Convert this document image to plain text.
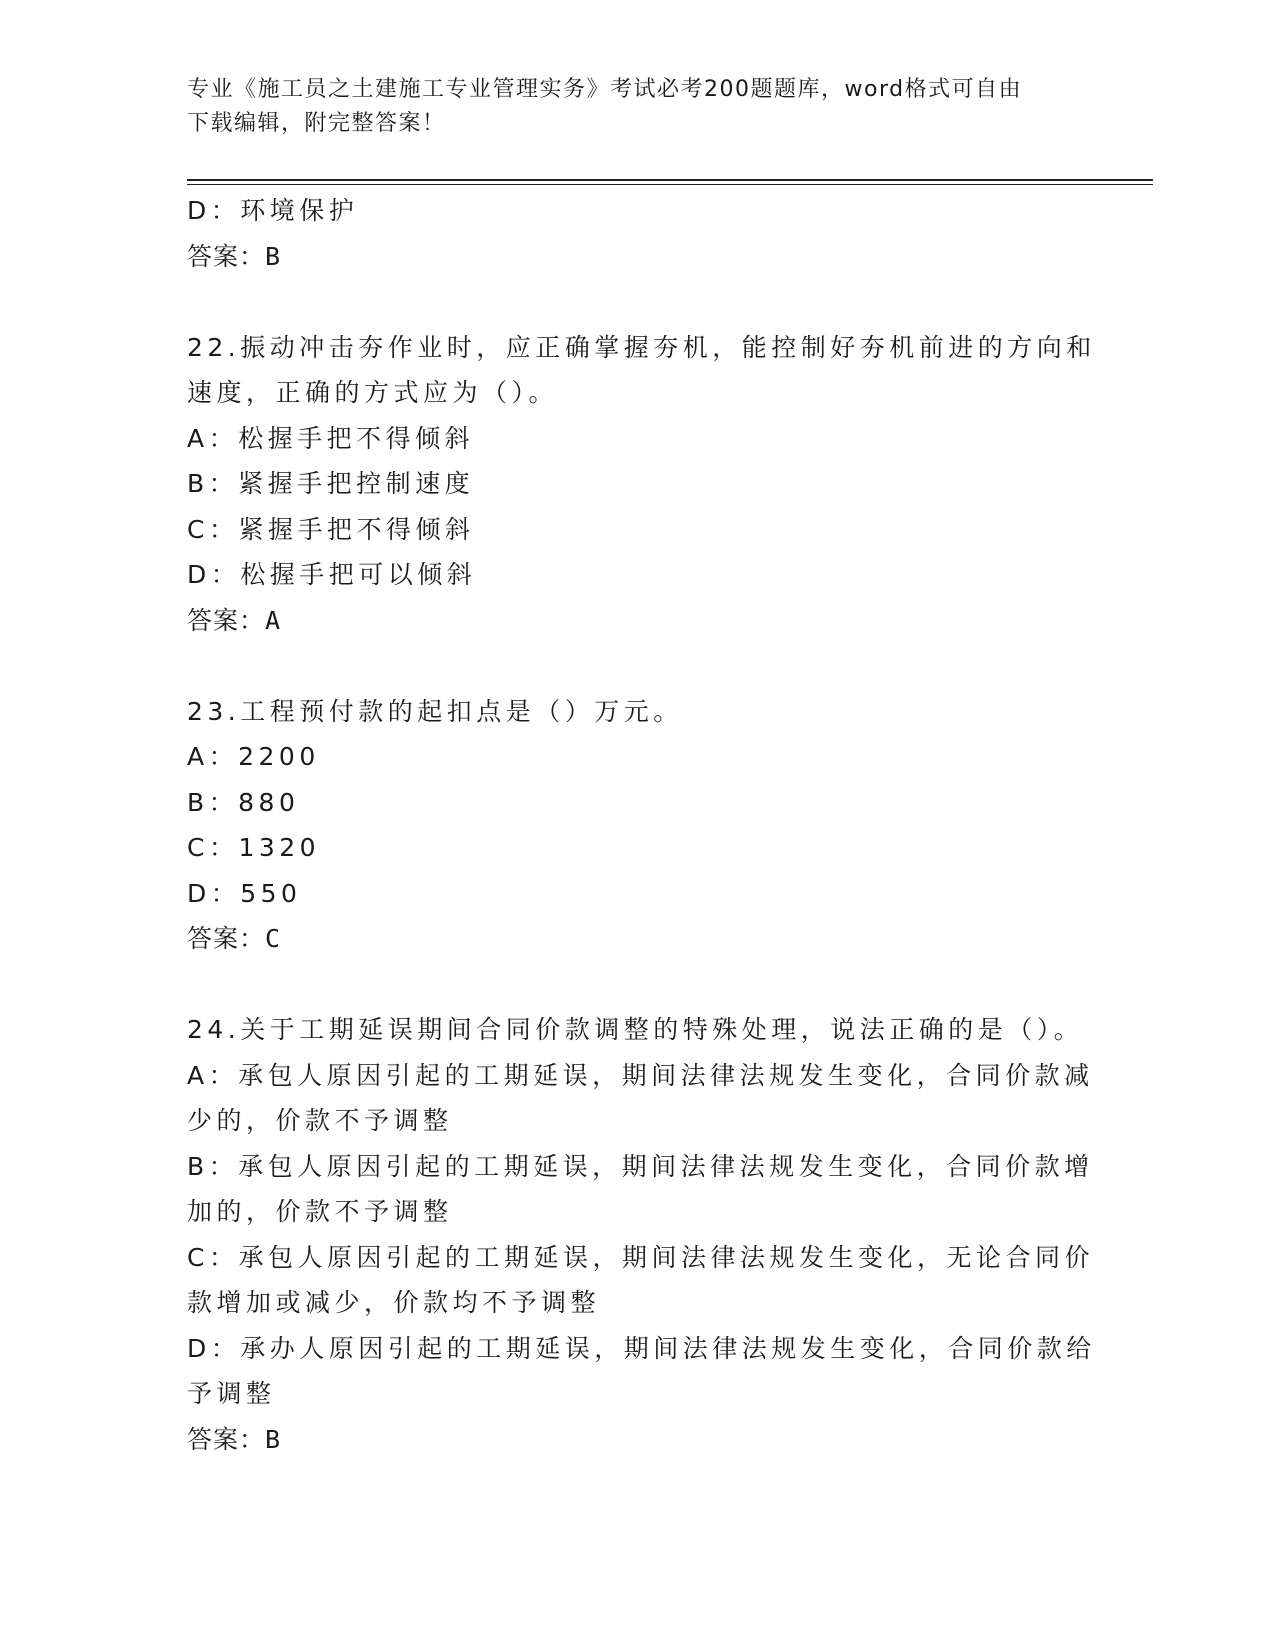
专业《施工员之土建施工专业管理实务》考试必考200题题库，word格式可自由
下载编辑，附完整答案！
D：环境保护
答案：B
22.振动冲击夯作业时，应正确掌握夯机，能控制好夯机前进的方向和
速度，正确的方式应为（）。
A：松握手把不得倾斜
B：紧握手把控制速度
C：紧握手把不得倾斜
D：松握手把可以倾斜
答案：A
23.工程预付款的起扣点是（）万元。
A：2200
B：880
C：1320
D：550
答案：C
24.关于工期延误期间合同价款调整的特殊处理，说法正确的是（）。
A：承包人原因引起的工期延误，期间法律法规发生变化，合同价款减
少的，价款不予调整
B：承包人原因引起的工期延误，期间法律法规发生变化，合同价款增
加的，价款不予调整
C：承包人原因引起的工期延误，期间法律法规发生变化，无论合同价
款增加或减少，价款均不予调整
D：承办人原因引起的工期延误，期间法律法规发生变化，合同价款给
予调整
答案：B
